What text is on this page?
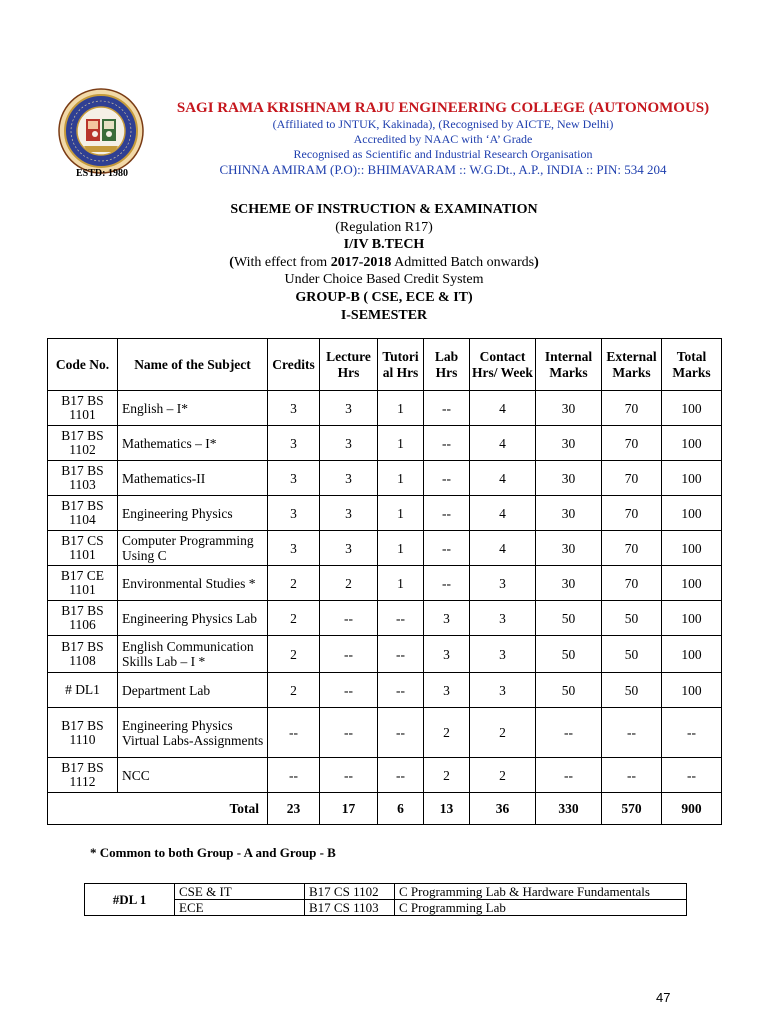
ESTD: 1980
SAGI RAMA KRISHNAM RAJU ENGINEERING COLLEGE (AUTONOMOUS)
(Affiliated to JNTUK, Kakinada), (Recognised by AICTE, New Delhi)
Accredited by NAAC with ‘A’ Grade
Recognised as Scientific and Industrial Research Organisation
CHINNA AMIRAM (P.O):: BHIMAVARAM :: W.G.Dt., A.P., INDIA :: PIN: 534 204
SCHEME OF INSTRUCTION & EXAMINATION
(Regulation R17)
I/IV B.TECH
(With effect from 2017-2018 Admitted Batch onwards)
Under Choice Based Credit System
GROUP-B ( CSE, ECE & IT)
I-SEMESTER
Code No.	Name of the Subject	Credits	Lecture Hrs	Tutori al Hrs	Lab Hrs	Contact Hrs/ Week	Internal Marks	External Marks	Total Marks
B17 BS 1101	English – I*	3	3	1	--	4	30	70	100
B17 BS 1102	Mathematics – I*	3	3	1	--	4	30	70	100
B17 BS 1103	Mathematics-II	3	3	1	--	4	30	70	100
B17 BS 1104	Engineering Physics	3	3	1	--	4	30	70	100
B17 CS 1101	Computer Programming Using C	3	3	1	--	4	30	70	100
B17 CE 1101	Environmental Studies *	2	2	1	--	3	30	70	100
B17 BS 1106	Engineering Physics Lab	2	--	--	3	3	50	50	100
B17 BS 1108	English Communication Skills Lab – I *	2	--	--	3	3	50	50	100
# DL1	Department Lab	2	--	--	3	3	50	50	100
B17 BS 1110	Engineering Physics Virtual Labs-Assignments	--	--	--	2	2	--	--	--
B17 BS 1112	NCC	--	--	--	2	2	--	--	--
Total		23	17	6	13	36	330	570	900
* Common to both Group - A and Group - B
#DL 1	CSE & IT	B17 CS 1102	C Programming Lab & Hardware Fundamentals
	ECE	B17 CS 1103	C Programming Lab
47
